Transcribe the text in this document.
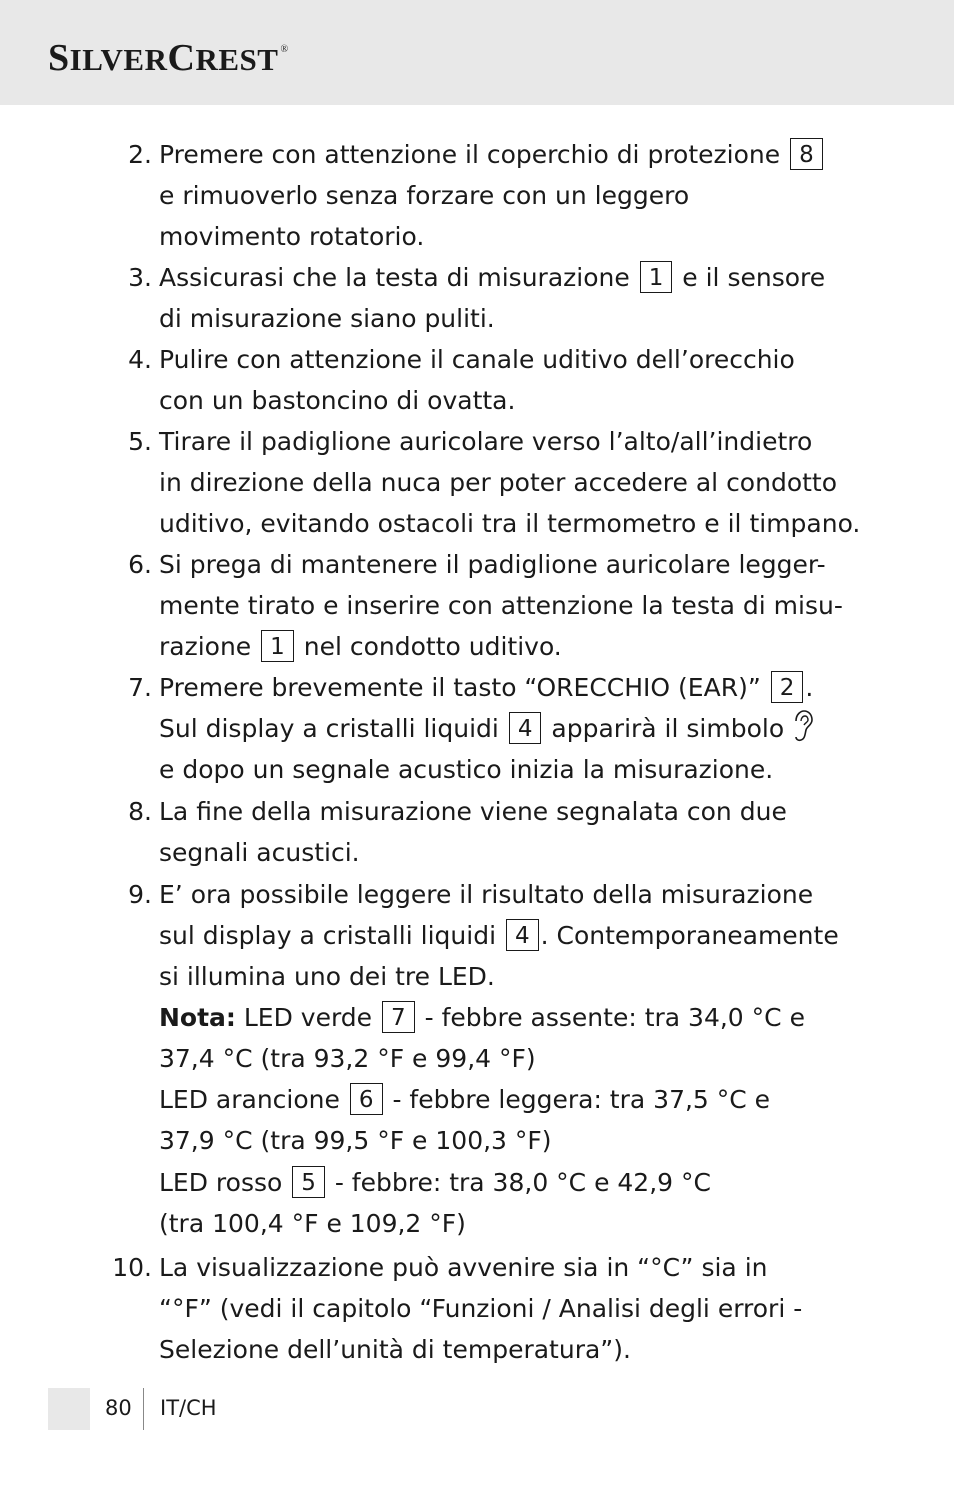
SILVERCREST ®
2. Premere con attenzione il coperchio di protezione 8
e rimuoverlo senza forzare con un leggero
movimento rotatorio.
3. Assicurasi che la testa di misurazione 1 e il sensore
di misurazione siano puliti.
4. Pulire con attenzione il canale uditivo dell’orecchio
con un bastoncino di ovatta.
5. Tirare il padiglione auricolare verso l’alto/all’indietro
in direzione della nuca per poter accedere al condotto
uditivo, evitando ostacoli tra il termometro e il timpano.
6. Si prega di mantenere il padiglione auricolare legger-
mente tirato e inserire con attenzione la testa di misu-
razione 1 nel condotto uditivo.
7. Premere brevemente il tasto “ORECCHIO (EAR)” 2 .
Sul display a cristalli liquidi 4 apparirà il simbolo
e dopo un segnale acustico inizia la misurazione.
8. La fine della misurazione viene segnalata con due
segnali acustici.
9. E’ ora possibile leggere il risultato della misurazione
sul display a cristalli liquidi 4 . Contemporaneamente
si illumina uno dei tre LED.
Nota: LED verde 7 - febbre assente: tra 34,0 °C e
37,4 °C (tra 93,2 °F e 99,4 °F)
LED arancione 6 - febbre leggera: tra 37,5 °C e
37,9 °C (tra 99,5 °F e 100,3 °F)
LED rosso 5 - febbre: tra 38,0 °C e 42,9 °C
(tra 100,4 °F e 109,2 °F)
10. La visualizzazione può avvenire sia in “°C” sia in
“°F” (vedi il capitolo “Funzioni / Analisi degli errori -
Selezione dell’unità di temperatura”).
80 IT/CH
